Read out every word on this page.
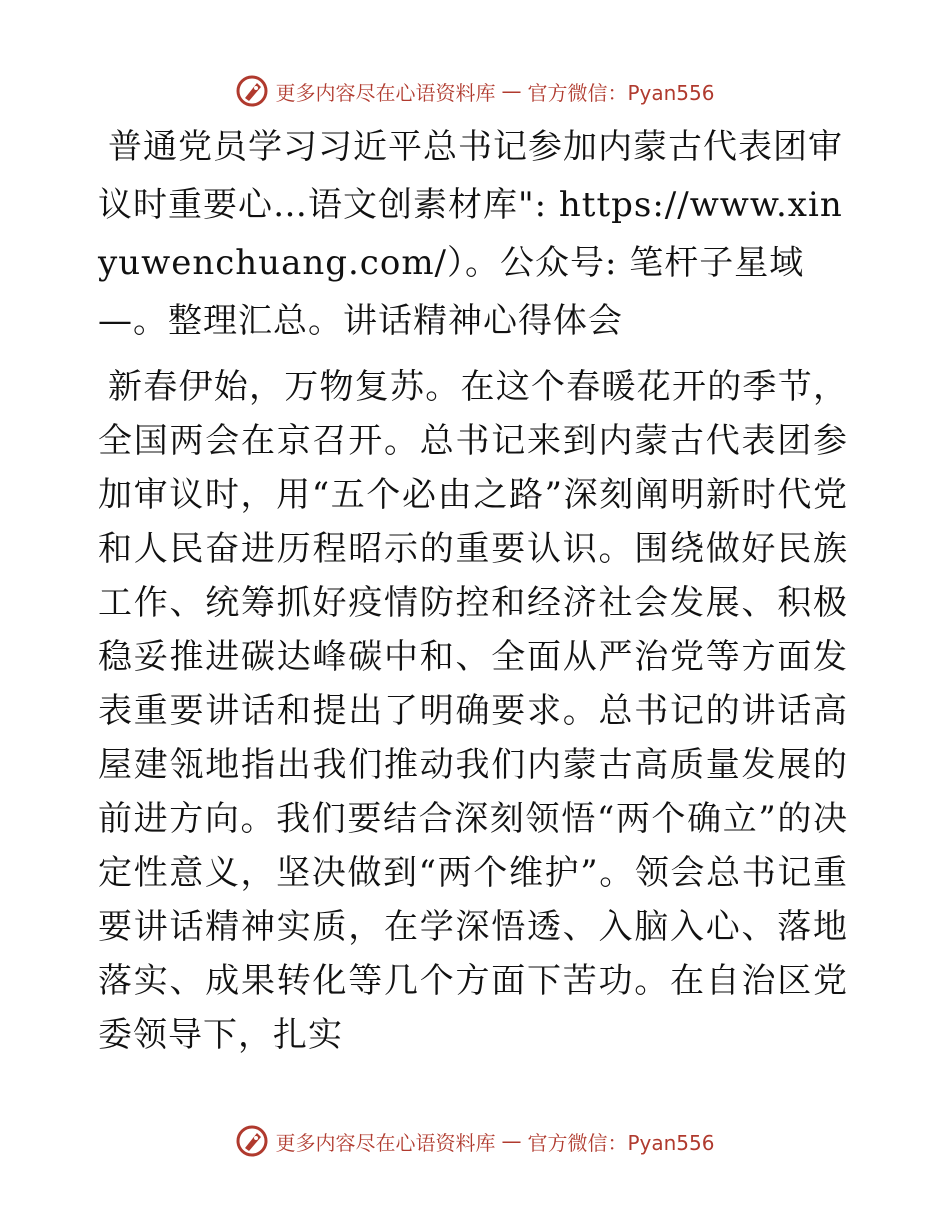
更多内容尽在心语资料库 — 官方微信：Pyan556

普通党员学习习近平总书记参加内蒙古代表团审议时重要心…语文创素材库": https://www.xinyuwenchuang.com/）。公众号: 笔杆子星域—。整理汇总。讲话精神心得体会

新春伊始，万物复苏。在这个春暖花开的季节，全国两会在京召开。总书记来到内蒙古代表团参加审议时，用“五个必由之路”深刻阐明新时代党和人民奋进历程昭示的重要认识。围绕做好民族工作、统筹抓好疫情防控和经济社会发展、积极稳妥推进碳达峰碳中和、全面从严治党等方面发表重要讲话和提出了明确要求。总书记的讲话高屋建瓴地指出我们推动我们内蒙古高质量发展的前进方向。我们要结合深刻领悟“两个确立”的决定性意义，坚决做到“两个维护”。领会总书记重要讲话精神实质，在学深悟透、入脑入心、落地落实、成果转化等几个方面下苦功。在自治区党委领导下，扎实

更多内容尽在心语资料库 — 官方微信：Pyan556
